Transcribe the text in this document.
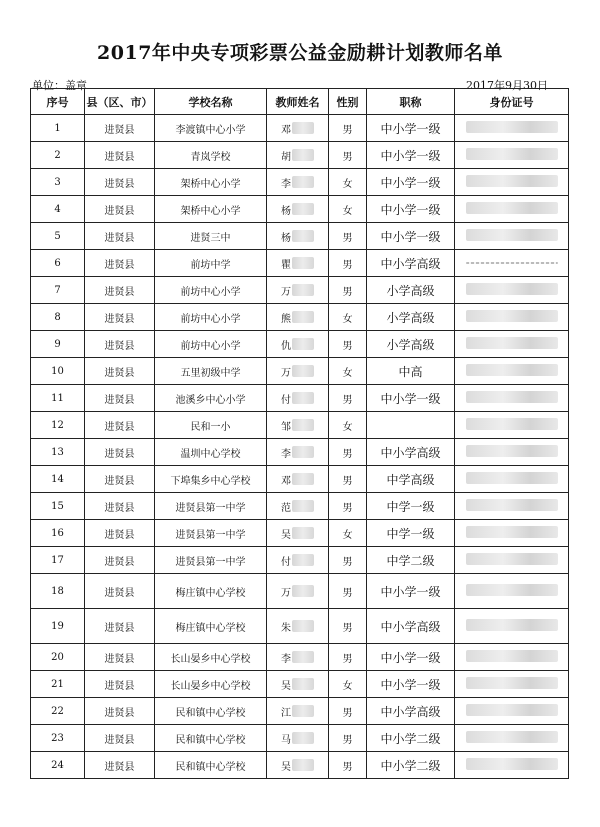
2017年中央专项彩票公益金励耕计划教师名单
单位：盖章	2017年9月30日
序号	县（区、市）	学校名称	教师姓名	性别	职称	身份证号
1	进贤县	李渡镇中心小学	邓	男	中小学一级	
2	进贤县	青岚学校	胡	男	中小学一级	
3	进贤县	架桥中心小学	李	女	中小学一级	
4	进贤县	架桥中心小学	杨	女	中小学一级	
5	进贤县	进贤三中	杨	男	中小学一级	
6	进贤县	前坊中学	瞿	男	中小学高级	
7	进贤县	前坊中心小学	万	男	小学高级	
8	进贤县	前坊中心小学	熊	女	小学高级	
9	进贤县	前坊中心小学	仇	男	小学高级	
10	进贤县	五里初级中学	万	女	中高	
11	进贤县	池溪乡中心小学	付	男	中小学一级	
12	进贤县	民和一小	邹	女		
13	进贤县	温圳中心学校	李	男	中小学高级	
14	进贤县	下埠集乡中心学校	邓	男	中学高级	
15	进贤县	进贤县第一中学	范	男	中学一级	
16	进贤县	进贤县第一中学	吴	女	中学一级	
17	进贤县	进贤县第一中学	付	男	中学二级	
18	进贤县	梅庄镇中心学校	万	男	中小学一级	
19	进贤县	梅庄镇中心学校	朱	男	中小学高级	
20	进贤县	长山晏乡中心学校	李	男	中小学一级	
21	进贤县	长山晏乡中心学校	吴	女	中小学一级	
22	进贤县	民和镇中心学校	江	男	中小学高级	
23	进贤县	民和镇中心学校	马	男	中小学二级	
24	进贤县	民和镇中心学校	吴	男	中小学二级	
